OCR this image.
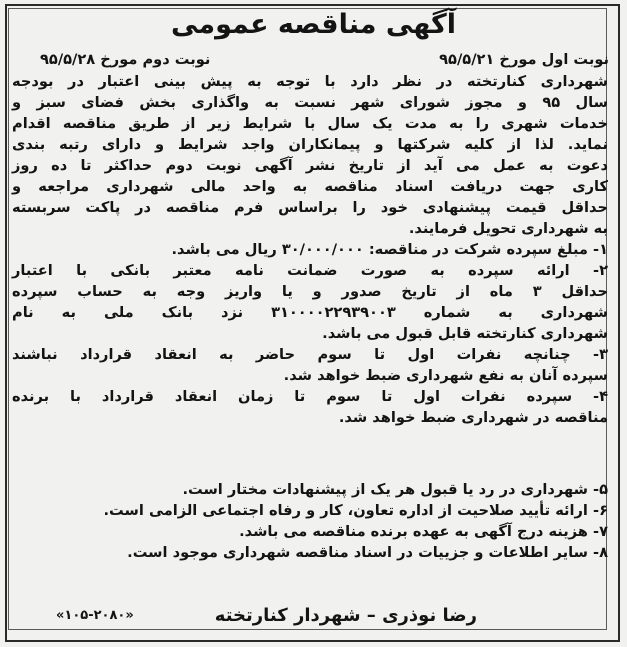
آگهی مناقصه عمومی
نوبت اول مورخ ۹۵/۵/۲۱
نوبت دوم مورخ ۹۵/۵/۲۸
شهرداری کنارتخته در نظر دارد با توجه به پیش بینی اعتبار در بودجه
سال ۹۵ و مجوز شورای شهر نسبت به واگذاری بخش فضای سبز و
خدمات شهری را به مدت یک سال با شرایط زیر از طریق مناقصه اقدام
نماید. لذا از کلیه شرکتها و پیمانکاران واجد شرایط و دارای رتبه بندی
دعوت به عمل می آید از تاریخ نشر آگهی نوبت دوم حداکثر تا ده روز
کاری جهت دریافت اسناد مناقصه به واحد مالی شهرداری مراجعه و
حداقل قیمت پیشنهادی خود را براساس فرم مناقصه در پاکت سربسته
به شهرداری تحویل فرمایند.
۱- مبلغ سپرده شرکت در مناقصه: ۳۰/۰۰۰/۰۰۰ ریال می باشد.
۲- ارائه سپرده به صورت ضمانت نامه معتبر بانکی با اعتبار
حداقل ۳ ماه از تاریخ صدور و یا واریز وجه به حساب سپرده
شهرداری به شماره ۳۱۰۰۰۰۲۲۹۳۹۰۰۳ نزد بانک ملی به نام
شهرداری کنارتخته قابل قبول می باشد.
۳- چنانچه نفرات اول تا سوم حاضر به انعقاد قرارداد نباشند
سپرده آنان به نفع شهرداری ضبط خواهد شد.
۴- سپرده نفرات اول تا سوم تا زمان انعقاد قرارداد با برنده
مناقصه در شهرداری ضبط خواهد شد.
۵- شهرداری در رد یا قبول هر یک از پیشنهادات مختار است.
۶- ارائه تأیید صلاحیت از اداره تعاون، کار و رفاه اجتماعی الزامی است.
۷- هزینه درج آگهی به عهده برنده مناقصه می باشد.
۸- سایر اطلاعات و جزییات در اسناد مناقصه شهرداری موجود است.
رضا نوذری – شهردار کنارتخته
«۱۰۵-۲۰۸۰»
